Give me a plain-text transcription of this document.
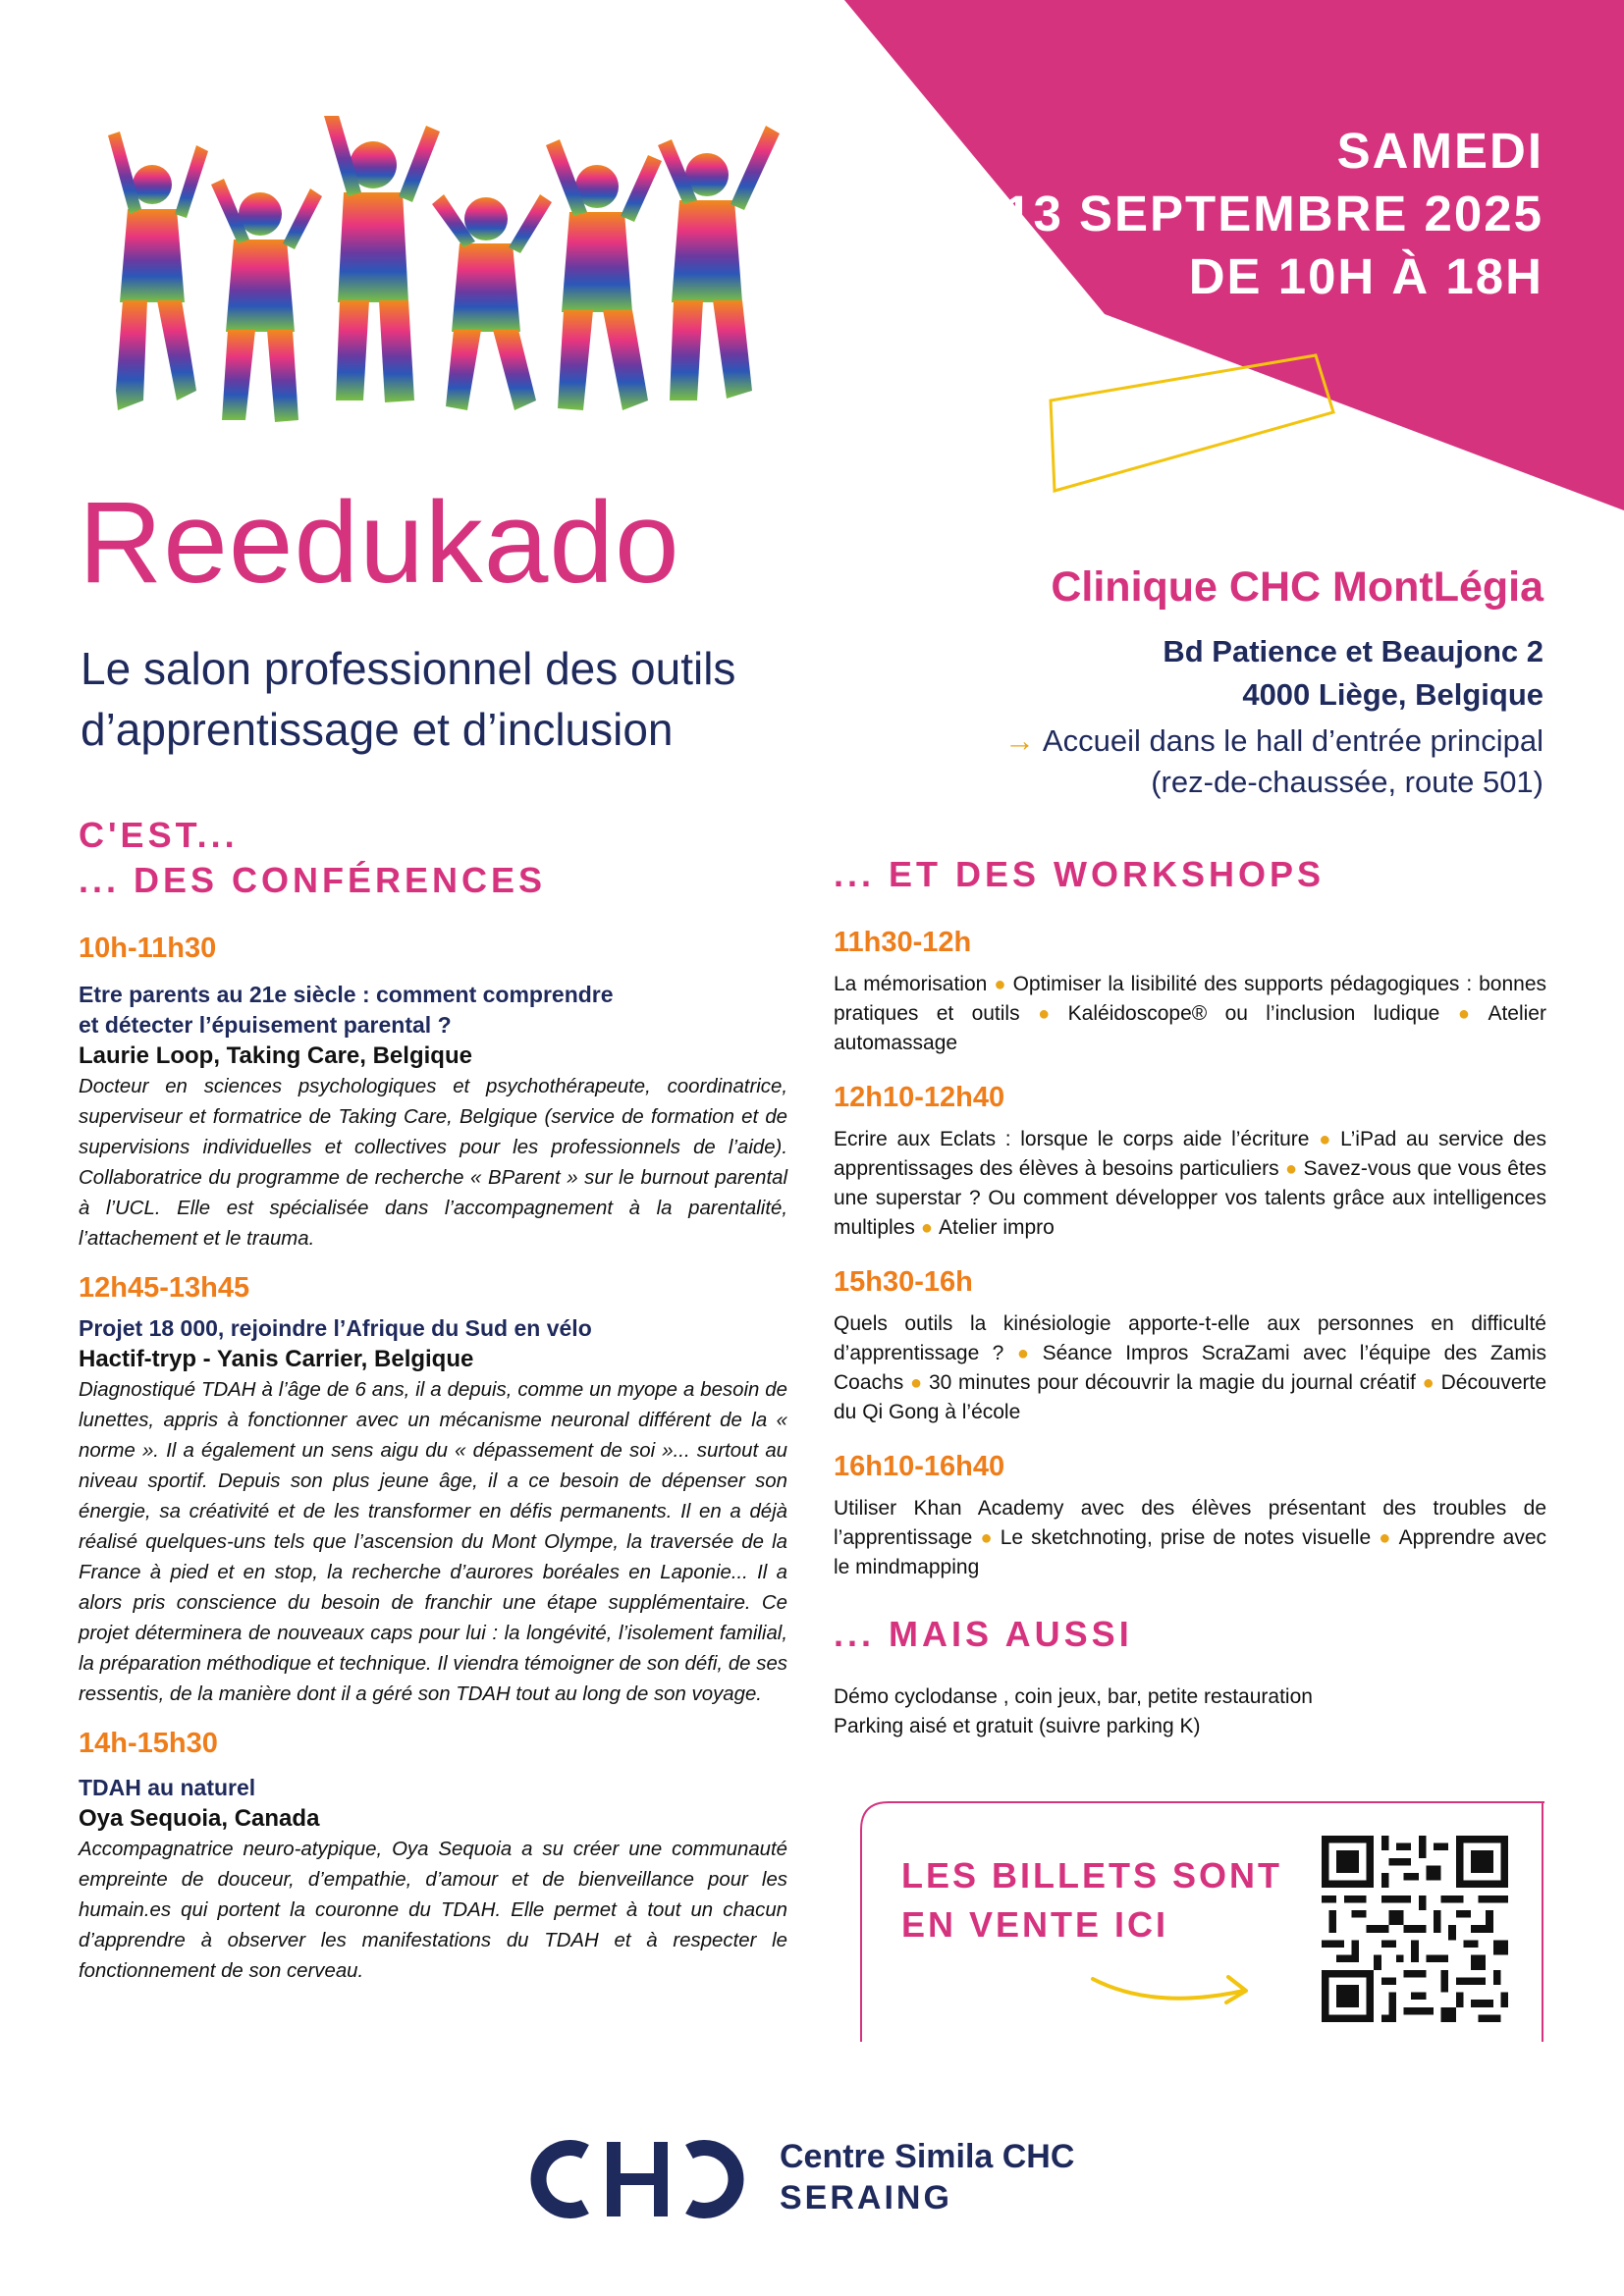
SAMEDI
13 SEPTEMBRE 2025
DE 10H À 18H
Reedukado
Le salon professionnel des outils
d’apprentissage et d’inclusion
Clinique CHC MontLégia
Bd Patience et Beaujonc 2
4000 Liège, Belgique
→ Accueil dans le hall d’entrée principal
(rez-de-chaussée, route 501)
C'EST...
... DES CONFÉRENCES
10h-11h30
Etre parents au 21e siècle : comment comprendre
et détecter l’épuisement parental ?
Laurie Loop, Taking Care, Belgique
Docteur en sciences psychologiques et psychothérapeute, coordinatrice, superviseur et formatrice de Taking Care, Belgique (service de formation et de supervisions individuelles et collectives pour les professionnels de l’aide). Collaboratrice du programme de recherche « BParent » sur le burnout parental à l’UCL. Elle est spécialisée dans l’accompagnement à la parentalité, l’attachement et le trauma.
12h45-13h45
Projet 18 000, rejoindre l’Afrique du Sud en vélo
Hactif-tryp - Yanis Carrier, Belgique
Diagnostiqué TDAH à l’âge de 6 ans, il a depuis, comme un myope a besoin de lunettes, appris à fonctionner avec un mécanisme neuronal différent de la « norme ». Il a également un sens aigu du « dépassement de soi »... surtout au niveau sportif. Depuis son plus jeune âge, il a ce besoin de dépenser son énergie, sa créativité et de les transformer en défis permanents. Il en a déjà réalisé quelques-uns tels que l’ascension du Mont Olympe, la traversée de la France à pied et en stop, la recherche d’aurores boréales en Laponie... Il a alors pris conscience du besoin de franchir une étape supplémentaire. Ce projet déterminera de nouveaux caps pour lui : la longévité, l’isolement familial, la préparation méthodique et technique. Il viendra témoigner de son défi, de ses ressentis, de la manière dont il a géré son TDAH tout au long de son voyage.
14h-15h30
TDAH au naturel
Oya Sequoia, Canada
Accompagnatrice neuro-atypique, Oya Sequoia a su créer une communauté empreinte de douceur, d’empathie, d’amour et de bienveillance pour les humain.es qui portent la couronne du TDAH. Elle permet à tout un chacun d’apprendre à observer les manifestations du TDAH et à respecter le fonctionnement de son cerveau.
... ET DES WORKSHOPS
11h30-12h
La mémorisation ● Optimiser la lisibilité des supports pédagogiques : bonnes pratiques et outils ● Kaléidoscope® ou l’inclusion ludique ● Atelier automassage
12h10-12h40
Ecrire aux Eclats : lorsque le corps aide l’écriture ● L’iPad au service des apprentissages des élèves à besoins particuliers ● Savez-vous que vous êtes une superstar ? Ou comment développer vos talents grâce aux intelligences multiples ● Atelier impro
15h30-16h
Quels outils la kinésiologie apporte-t-elle aux personnes en difficulté d’apprentissage ? ● Séance Impros ScraZami avec l’équipe des Zamis Coachs ● 30 minutes pour découvrir la magie du journal créatif ● Découverte du Qi Gong à l’école
16h10-16h40
Utiliser Khan Academy avec des élèves présentant des troubles de l’apprentissage ● Le sketchnoting, prise de notes visuelle ● Apprendre avec le mindmapping
... MAIS AUSSI
Démo cyclodanse , coin jeux, bar, petite restauration
Parking aisé et gratuit (suivre parking K)
LES BILLETS SONT
EN VENTE ICI
Centre Simila CHC
SERAING
